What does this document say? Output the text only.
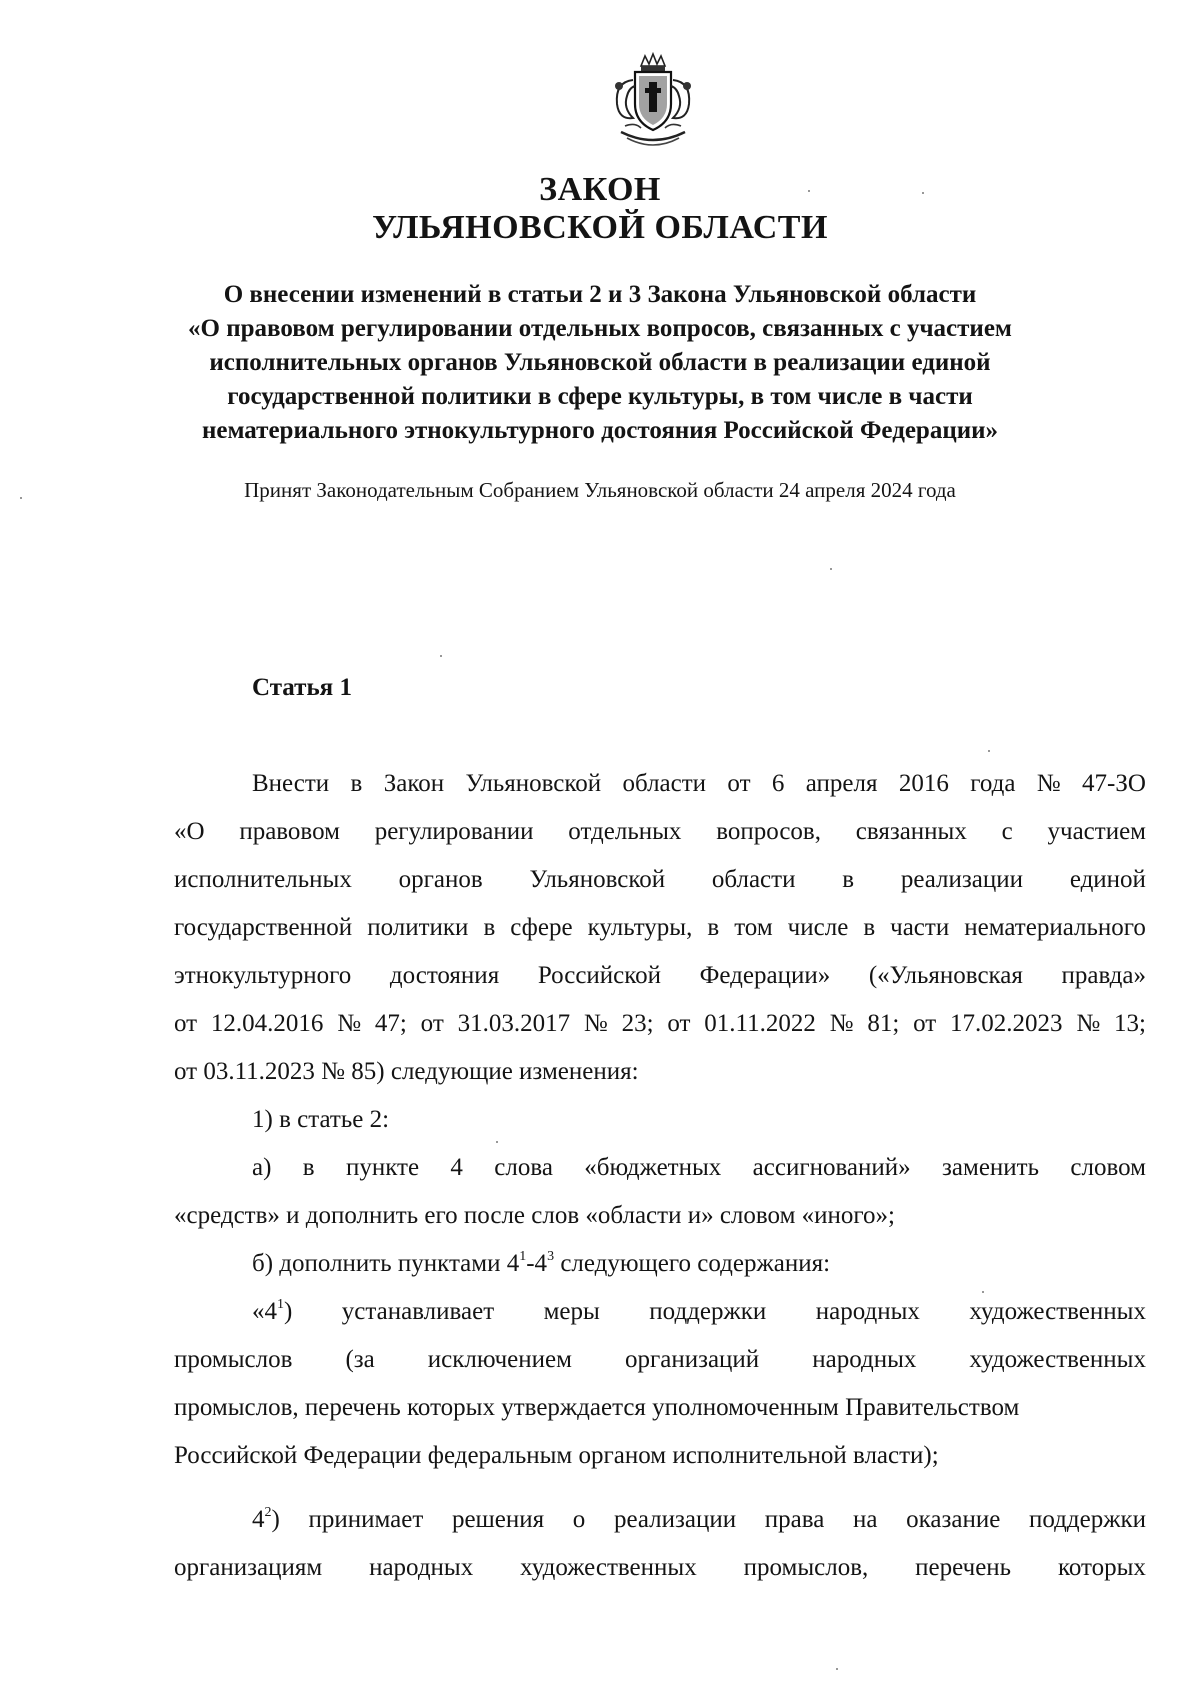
ЗАКОН
УЛЬЯНОВСКОЙ ОБЛАСТИ
О внесении изменений в статьи 2 и 3 Закона Ульяновской области
«О правовом регулировании отдельных вопросов, связанных с участием
исполнительных органов Ульяновской области в реализации единой
государственной политики в сфере культуры, в том числе в части
нематериального этнокультурного достояния Российской Федерации»
Принят Законодательным Собранием Ульяновской области 24 апреля 2024 года
Статья 1
Внести в Закон Ульяновской области от 6 апреля 2016 года № 47-ЗО
«О правовом регулировании отдельных вопросов, связанных с участием
исполнительных органов Ульяновской области в реализации единой
государственной политики в сфере культуры, в том числе в части нематериального
этнокультурного достояния Российской Федерации» («Ульяновская правда»
от 12.04.2016 № 47; от 31.03.2017 № 23; от 01.11.2022 № 81; от 17.02.2023 № 13;
от 03.11.2023 № 85) следующие изменения:
1) в статье 2:
а) в пункте 4 слова «бюджетных ассигнований» заменить словом
«средств» и дополнить его после слов «области и» словом «иного»;
б) дополнить пунктами $4^1-4^3$ следующего содержания:
«$4^1$) устанавливает меры поддержки народных художественных
промыслов (за исключением организаций народных художественных
промыслов, перечень которых утверждается уполномоченным Правительством
Российской Федерации федеральным органом исполнительной власти);
$4^2$) принимает решения о реализации права на оказание поддержки
организациям народных художественных промыслов, перечень которых
